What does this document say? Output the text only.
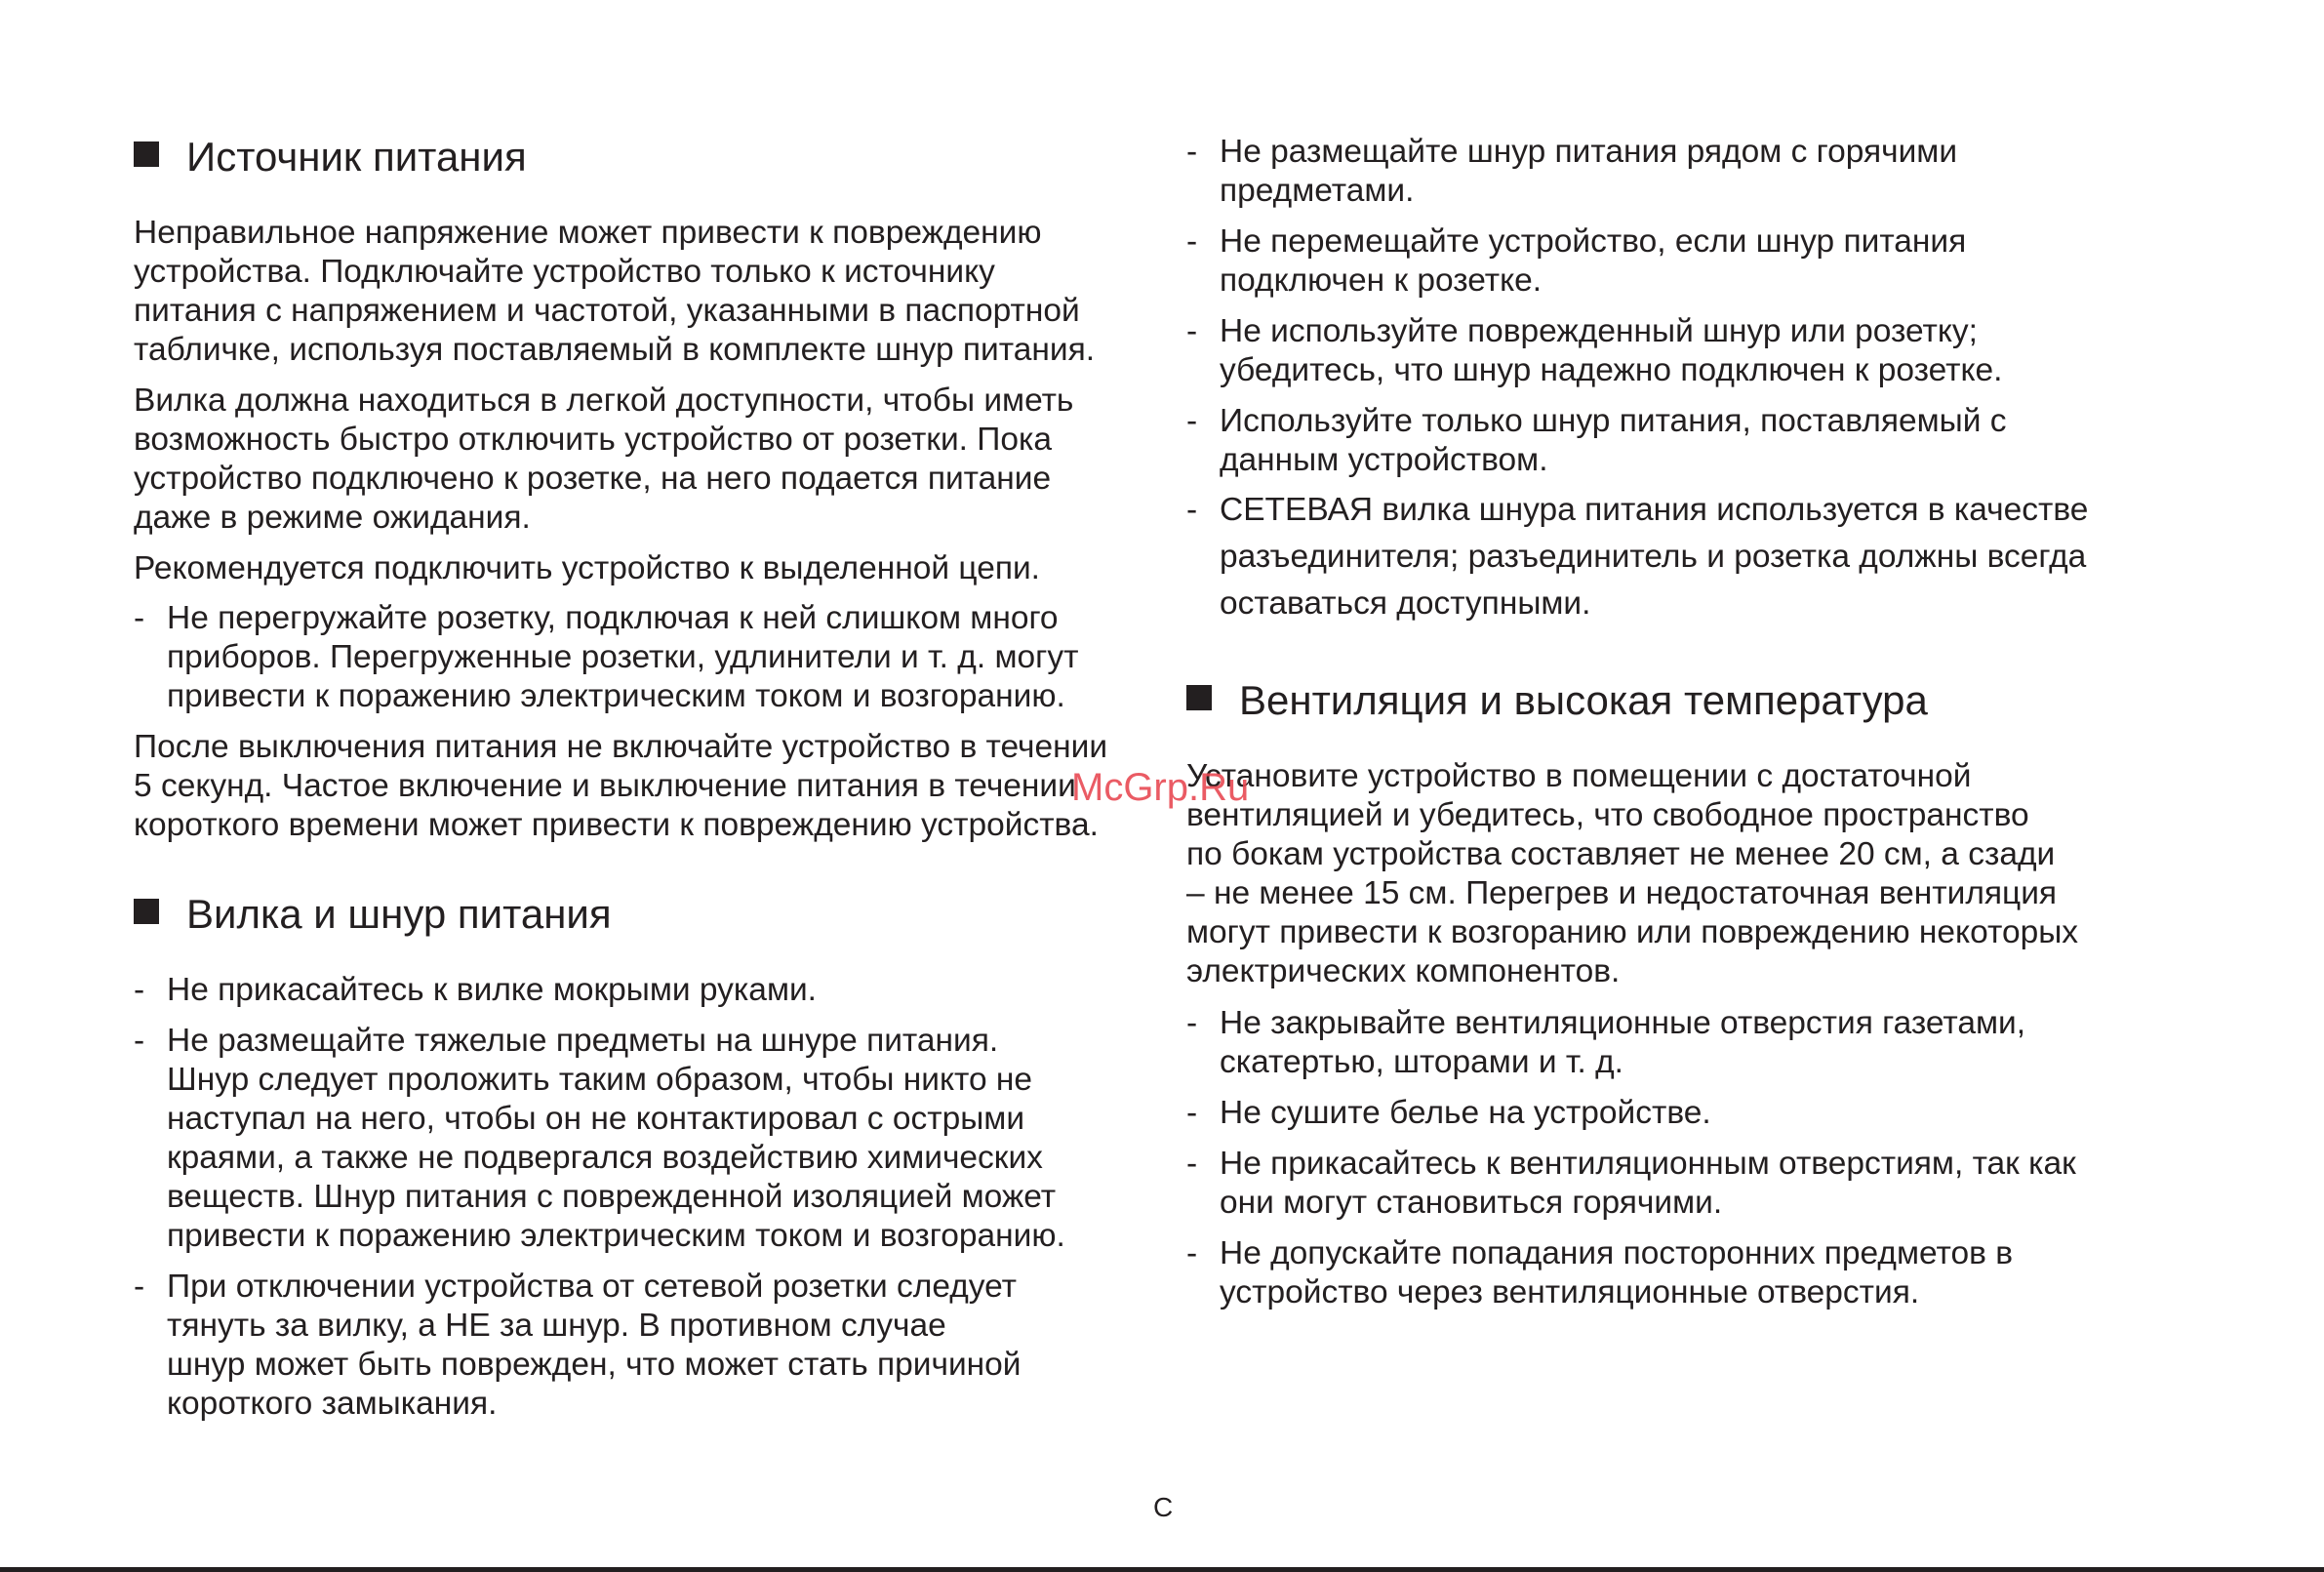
Источник питания
Неправильное напряжение может привести к повреждению
устройства. Подключайте устройство только к источнику
питания с напряжением и частотой, указанными в паспортной
табличке, используя поставляемый в комплекте шнур питания.
Вилка должна находиться в легкой доступности, чтобы иметь
возможность быстро отключить устройство от розетки. Пока
устройство подключено к розетке, на него подается питание
даже в режиме ожидания.
Рекомендуется подключить устройство к выделенной цепи.
- Не перегружайте розетку, подключая к ней слишком много
приборов. Перегруженные розетки, удлинители и т. д. могут
привести к поражению электрическим током и возгоранию.
После выключения питания не включайте устройство в течении
5 секунд. Частое включение и выключение питания в течении
короткого времени может привести к повреждению устройства.
Вилка и шнур питания
- Не прикасайтесь к вилке мокрыми руками.
- Не размещайте тяжелые предметы на шнуре питания.
Шнур следует проложить таким образом, чтобы никто не
наступал на него, чтобы он не контактировал с острыми
краями, а также не подвергался воздействию химических
веществ. Шнур питания с поврежденной изоляцией может
привести к поражению электрическим током и возгоранию.
- При отключении устройства от сетевой розетки следует
тянуть за вилку, а НЕ за шнур. В противном случае
шнур может быть поврежден, что может стать причиной
короткого замыкания.
- Не размещайте шнур питания рядом с горячими
предметами.
- Не перемещайте устройство, если шнур питания
подключен к розетке.
- Не используйте поврежденный шнур или розетку;
убедитесь, что шнур надежно подключен к розетке.
- Используйте только шнур питания, поставляемый с
данным устройством.
- СЕТЕВАЯ вилка шнура питания используется в качестве
разъединителя; разъединитель и розетка должны всегда
оставаться доступными.
Вентиляция и высокая температура
Установите устройство в помещении с достаточной
вентиляцией и убедитесь, что свободное пространство
по бокам устройства составляет не менее 20 см, а сзади
– не менее 15 см. Перегрев и недостаточная вентиляция
могут привести к возгоранию или повреждению некоторых
электрических компонентов.
- Не закрывайте вентиляционные отверстия газетами,
скатертью, шторами и т. д.
- Не сушите белье на устройстве.
- Не прикасайтесь к вентиляционным отверстиям, так как
они могут становиться горячими.
- Не допускайте попадания посторонних предметов в
устройство через вентиляционные отверстия.
McGrp.Ru
C
